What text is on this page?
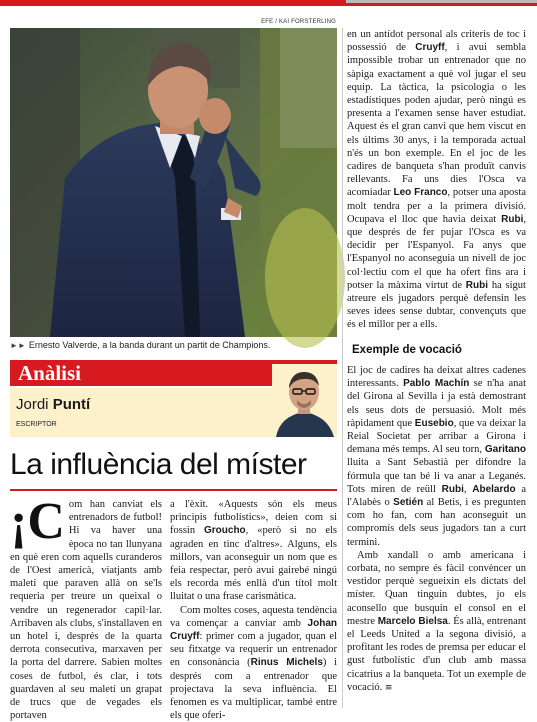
EFE / KAI FORSTERLING
►► Ernesto Valverde, a la banda durant un partit de Champions.
Anàlisi
Jordi Puntí
ESCRIPTOR
La influència del míster

¡C om han canviat els entrenadors de futbol! Hi va haver una època no tan llunyana en què eren com aquells curanderos de l'Oest americà, viatjants amb maletí que paraven allà on se'ls requeria per treure un queixal o vendre un regenerador capil·lar. Arribaven als clubs, s'installaven en un hotel i, després de la quarta derrota consecutiva, marxaven per la porta del darrere. Sabien moltes coses de futbol, és clar, i tots guardaven al seu maletí un grapat de trucs que de vegades els portaven

a l'èxit. «Aquests són els meus principis futbolístics», deien com si fossin Groucho, «però si no els agraden en tinc d'altres». Alguns, els millors, van aconseguir un nom que es feia respectar, però avui gairebé ningú els recorda més enllà d'un títol molt lluitat o una frase carismàtica.

Com moltes coses, aquesta tendència va començar a canviar amb Johan Cruyff: primer com a jugador, quan el seu fitxatge va requerir un entrenador en consonància (Rinus Michels) i després com a entrenador que projectava la seva influència. El fenomen es va multiplicar, també entre els que oferi-

en un antídot personal als criteris de toc i possessió de Cruyff, i avui sembla impossible trobar un entrenador que no sàpiga exactament a què vol jugar el seu equip. La tàctica, la psicologia o les estadístiques poden ajudar, però ningú es presenta a l'examen sense haver estudiat. Aquest és el gran canvi que hem viscut en els últims 30 anys, i la temporada actual n'és un bon exemple. En el joc de les cadires de banqueta s'han produït canvis rellevants. Fa uns dies l'Osca va acomiadar Leo Franco, potser una aposta molt tendra per a la primera divisió. Ocupava el lloc que havia deixat Rubi, que després de fer pujar l'Osca es va decidir per l'Espanyol. Fa anys que l'Espanyol no aconseguia un nivell de joc col·lectiu com el que ha ofert fins ara i potser la màxima virtut de Rubi ha sigut atreure els jugadors perquè defensin les seves idees sense dubtar, convençuts que és el millor per a ells.

Exemple de vocació

El joc de cadires ha deixat altres cadenes interessants. Pablo Machín se n'ha anat del Girona al Sevilla i ja està demostrant els seus dots de persuasió. Molt més ràpidament que Eusebio, que va deixar la Reial Societat per arribar a Girona i demana més temps. Al seu torn, Garitano lluita a Sant Sebastià per difondre la fórmula que tan bé li va anar a Leganés. Tots miren de reüll Rubi, Abelardo a l'Alabès o Setién al Betis, i es pregunten com ho fan, com han aconseguit un compromís dels seus jugadors tan a curt termini.

Amb xandall o amb americana i corbata, no sempre és fàcil convèncer un vestidor perquè segueixin els dictats del míster. Quan tinguin dubtes, jo els aconsello que busquin el consol en el mestre Marcelo Bielsa. És allà, entrenant el Leeds United a la segona divisió, a profitant les rodes de premsa per educar el gust futbolístic d'un club amb massa cicatrius a la banqueta. Tot un exemple de vocació. ≡
